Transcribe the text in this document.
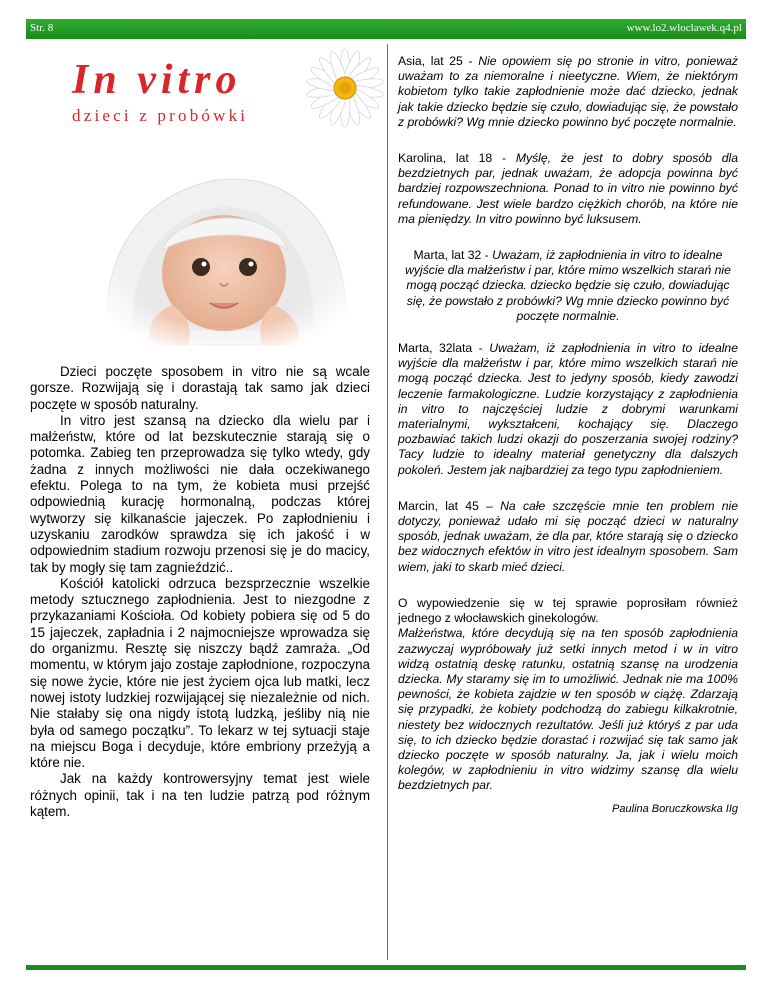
Str. 8	www.lo2.wloclawek.q4.pl
In vitro
dzieci z probówki

Dzieci poczęte sposobem in vitro nie są wcale gorsze. Rozwijają się i dorastają tak samo jak dzieci poczęte w sposób naturalny.

In vitro jest szansą na dziecko dla wielu par i małżeństw, które od lat bezskutecznie starają się o potomka. Zabieg ten przeprowadza się tylko wtedy, gdy żadna z innych możliwości nie dała oczekiwanego efektu. Polega to na tym, że kobieta musi przejść odpowiednią kurację hormonalną, podczas której wytworzy się kilkanaście jajeczek. Po zapłodnieniu i uzyskaniu zarodków sprawdza się ich jakość i w odpowiednim stadium rozwoju przenosi się je do macicy, tak by mogły się tam zagnieździć..

Kościół katolicki odrzuca bezsprzecznie wszelkie metody sztucznego zapłodnienia. Jest to niezgodne z przykazaniami Kościoła. Od kobiety pobiera się od 5 do 15 jajeczek, zapładnia i 2 najmocniejsze wprowadza się do organizmu. Resztę się niszczy bądź zamraża. „Od momentu, w którym jajo zostaje zapłodnione, rozpoczyna się nowe życie, które nie jest życiem ojca lub matki, lecz nowej istoty ludzkiej rozwijającej się niezależnie od nich. Nie stałaby się ona nigdy istotą ludzką, jeśliby nią nie była od samego początku”. To lekarz w tej sytuacji staje na miejscu Boga i decyduje, które embriony przeżyją a które nie.

Jak na każdy kontrowersyjny temat jest wiele różnych opinii, tak i na ten ludzie patrzą pod różnym kątem.

Asia, lat 25 - Nie opowiem się po stronie in vitro, ponieważ uważam to za niemoralne i nieetyczne. Wiem, że niektórym kobietom tylko takie zapłodnienie może dać dziecko, jednak jak takie dziecko będzie się czuło, dowiadując się, że powstało z probówki? Wg mnie dziecko powinno być poczęte normalnie.

Karolina, lat 18 - Myślę, że jest to dobry sposób dla bezdzietnych par, jednak uważam, że adopcja powinna być bardziej rozpowszechniona. Ponad to in vitro nie powinno być refundowane. Jest wiele bardzo ciężkich chorób, na które nie ma pieniędzy. In vitro powinno być luksusem.

Marta, lat 32 - Uważam, iż zapłodnienia in vitro to idealne wyjście dla małżeństw i par, które mimo wszelkich starań nie mogą począć dziecka. dziecko będzie się czuło, dowiadując się, że powstało z probówki? Wg mnie dziecko powinno być poczęte normalnie.

Marta, 32lata - Uważam, iż zapłodnienia in vitro to idealne wyjście dla małżeństw i par, które mimo wszelkich starań nie mogą począć dziecka. Jest to jedyny sposób, kiedy zawodzi leczenie farmakologiczne. Ludzie korzystający z zapłodnienia in vitro to najczęściej ludzie z dobrymi warunkami materialnymi, wykształceni, kochający się. Dlaczego pozbawiać takich ludzi okazji do poszerzania swojej rodziny? Tacy ludzie to idealny materiał genetyczny dla dalszych pokoleń. Jestem jak najbardziej za tego typu zapłodnieniem.

Marcin, lat 45 – Na całe szczęście mnie ten problem nie dotyczy, ponieważ udało mi się począć dzieci w naturalny sposób, jednak uważam, że dla par, które starają się o dziecko bez widocznych efektów in vitro jest idealnym sposobem. Sam wiem, jaki to skarb mieć dzieci.

O wypowiedzenie się w tej sprawie poprosiłam również jednego z włocławskich ginekologów.
Małżeństwa, które decydują się na ten sposób zapłodnienia zazwyczaj wypróbowały już setki innych metod i w in vitro widzą ostatnią deskę ratunku, ostatnią szansę na urodzenia dziecka. My staramy się im to umożliwić. Jednak nie ma 100% pewności, że kobieta zajdzie w ten sposób w ciążę. Zdarzają się przypadki, że kobiety podchodzą do zabiegu kilkakrotnie, niestety bez widocznych rezultatów. Jeśli już któryś z par uda się, to ich dziecko będzie dorastać i rozwijać się tak samo jak dziecko poczęte w sposób naturalny. Ja, jak i wielu moich kolegów, w zapłodnieniu in vitro widzimy szansę dla wielu bezdzietnych par.

Paulina Boruczkowska IIg
